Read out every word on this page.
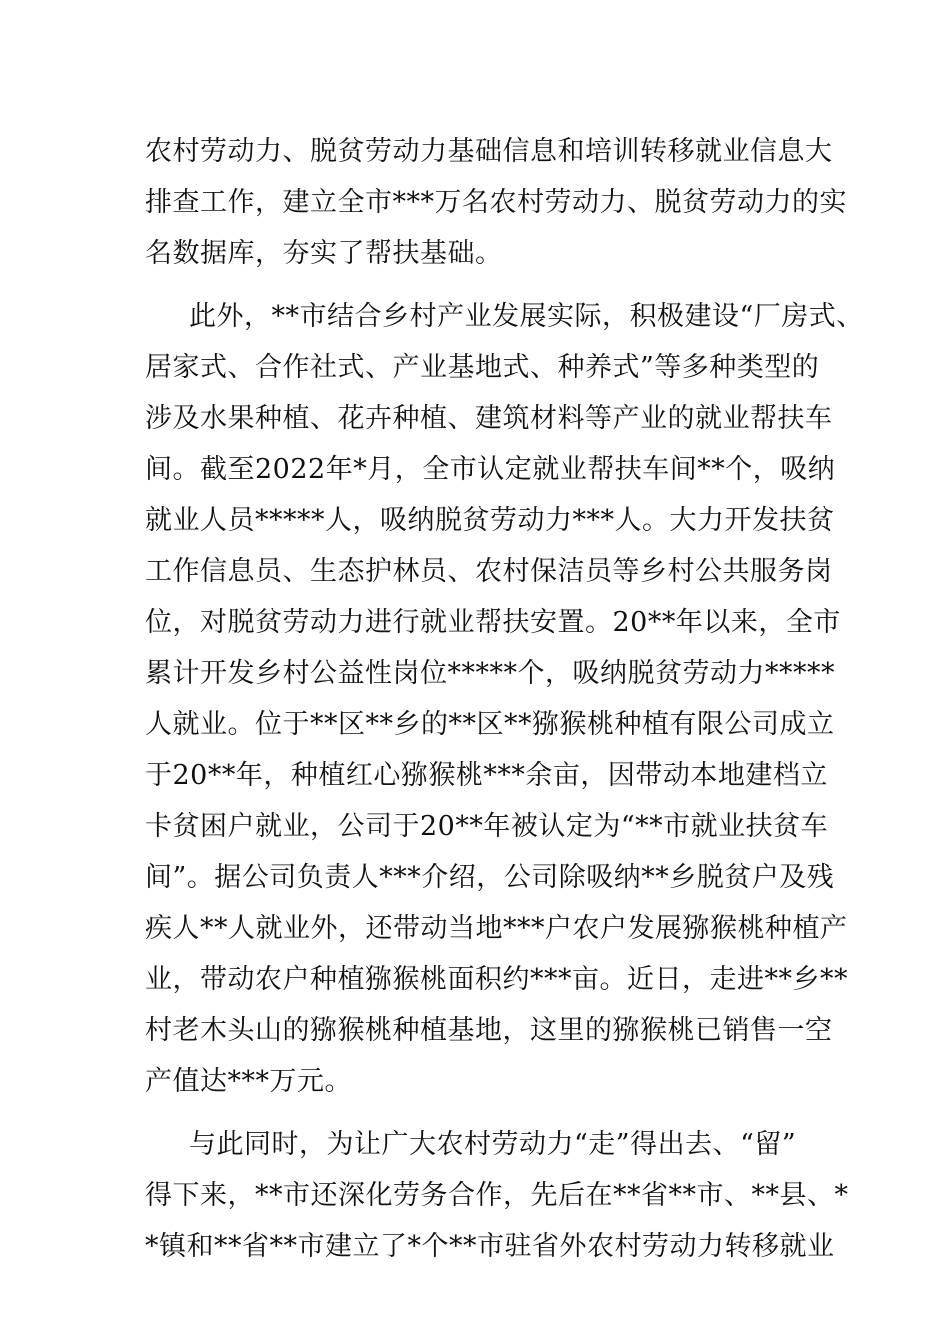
农村劳动力、脱贫劳动力基础信息和培训转移就业信息大
排查工作，建立全市***万名农村劳动力、脱贫劳动力的实
名数据库，夯实了帮扶基础。
此外，**市结合乡村产业发展实际，积极建设“厂房式、
居家式、合作社式、产业基地式、种养式”等多种类型的
涉及水果种植、花卉种植、建筑材料等产业的就业帮扶车
间。截至2022年*月，全市认定就业帮扶车间**个，吸纳
就业人员*****人，吸纳脱贫劳动力***人。大力开发扶贫
工作信息员、生态护林员、农村保洁员等乡村公共服务岗
位，对脱贫劳动力进行就业帮扶安置。20**年以来，全市
累计开发乡村公益性岗位*****个，吸纳脱贫劳动力*****
人就业。位于**区**乡的**区**猕猴桃种植有限公司成立
于20**年，种植红心猕猴桃***余亩，因带动本地建档立
卡贫困户就业，公司于20**年被认定为“**市就业扶贫车
间”。据公司负责人***介绍，公司除吸纳**乡脱贫户及残
疾人**人就业外，还带动当地***户农户发展猕猴桃种植产
业，带动农户种植猕猴桃面积约***亩。近日，走进**乡**
村老木头山的猕猴桃种植基地，这里的猕猴桃已销售一空
产值达***万元。
与此同时，为让广大农村劳动力“走”得出去、“留”
得下来，**市还深化劳务合作，先后在**省**市、**县、*
*镇和**省**市建立了*个**市驻省外农村劳动力转移就业
